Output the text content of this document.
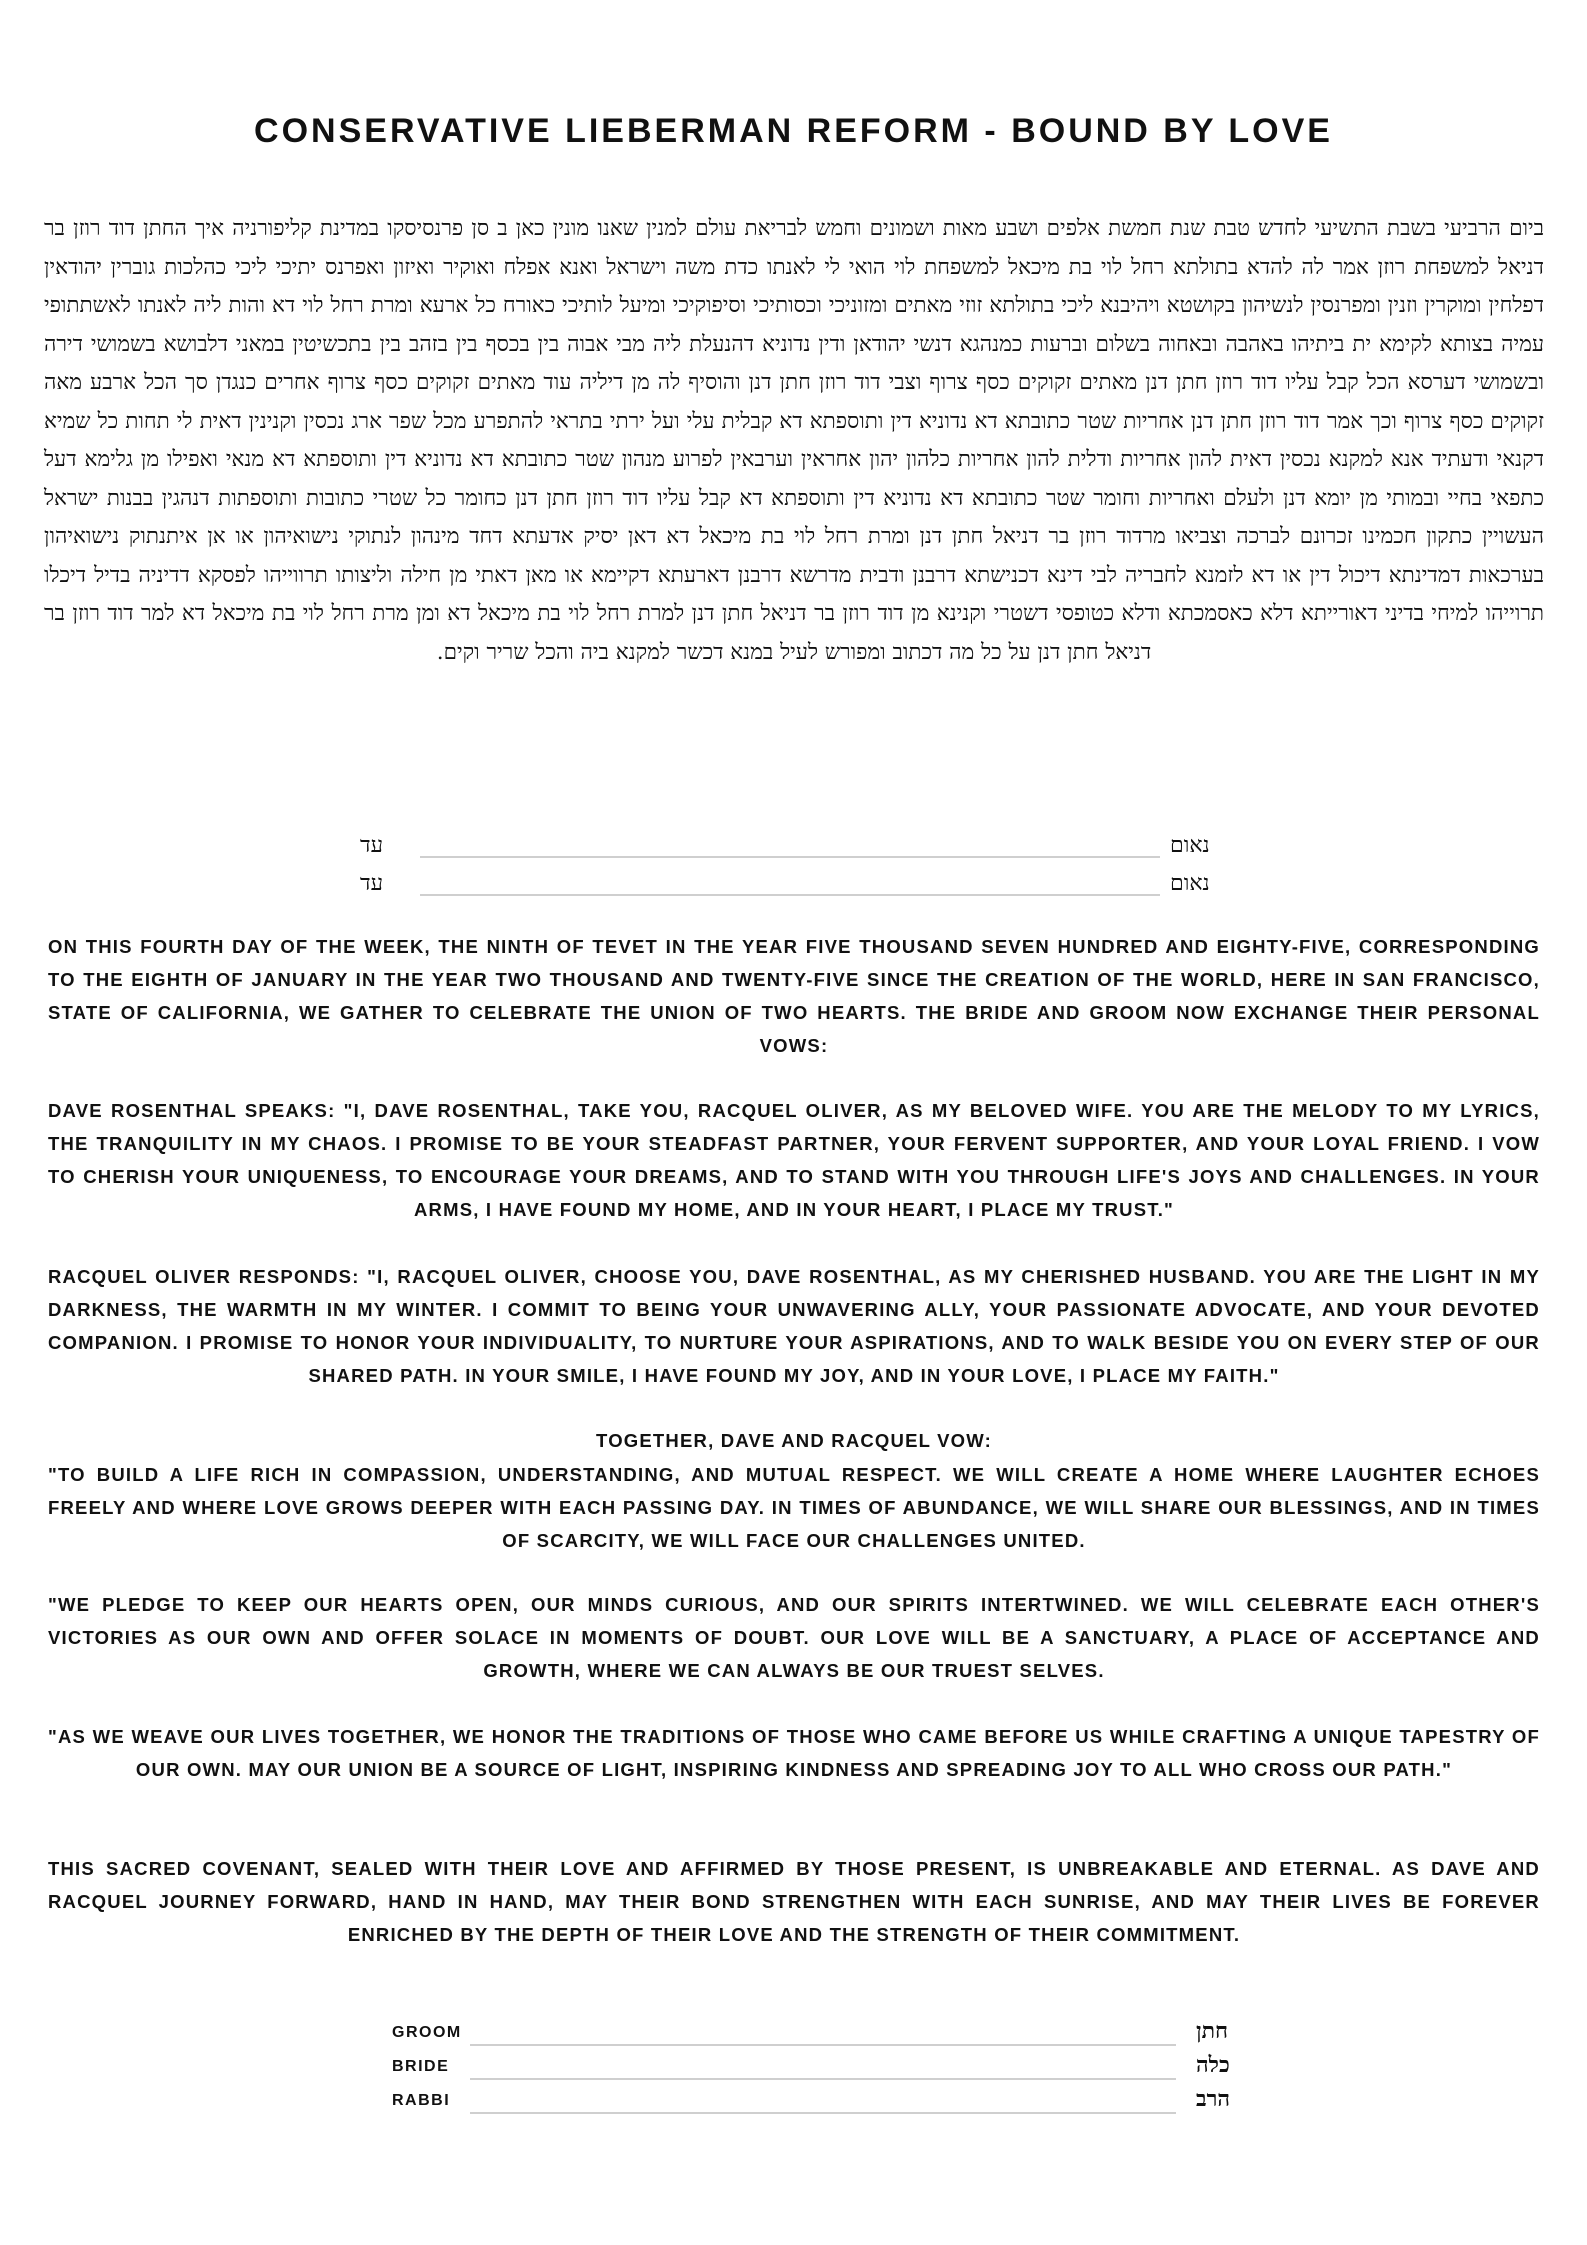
CONSERVATIVE LIEBERMAN REFORM - BOUND BY LOVE
ביום הרביעי בשבת התשיעי לחדש טבת שנת חמשת אלפים ושבע מאות ושמונים וחמש לבריאת עולם למנין שאנו מונין כאן ב סן פרנסיסקו במדינת קליפורניה איך החתן דוד רוזן בר דניאל למשפחת רוזן אמר לה להדא בתולתא רחל לוי בת מיכאל למשפחת לוי הואי לי לאנתו כדת משה וישראל ואנא אפלח ואוקיר ואיזון ואפרנס יתיכי ליכי כהלכות גוברין יהודאין דפלחין ומוקרין וזנין ומפרנסין לנשיהון בקושטא ויהיבנא ליכי בתולתא זוזי מאתים ומזוניכי וכסותיכי וסיפוקיכי ומיעל לותיכי כאורח כל ארעא ומרת רחל לוי דא והות ליה לאנתו לאשתתופי עמיה בצותא לקימא ית ביתיהו באהבה ובאחוה בשלום וברעות כמנהגא דנשי יהודאן ודין נדוניא דהנעלת ליה מבי אבוה בין בכסף בין בזהב בין בתכשיטין במאני דלבושא בשמושי דירה ובשמושי דערסא הכל קבל עליו דוד רוזן חתן דנן מאתים זקוקים כסף צרוף וצבי דוד רוזן חתן דנן והוסיף לה מן דיליה עוד מאתים זקוקים כסף צרוף אחרים כנגדן סך הכל ארבע מאה זקוקים כסף צרוף וכך אמר דוד רוזן חתן דנן אחריות שטר כתובתא דא נדוניא דין ותוספתא דא קבלית עלי ועל ירתי בתראי להתפרע מכל שפר ארג נכסין וקנינין דאית לי תחות כל שמיא דקנאי ודעתיד אנא למקנא נכסין דאית להון אחריות ודלית להון אחריות כלהון יהון אחראין וערבאין לפרוע מנהון שטר כתובתא דא נדוניא דין ותוספתא דא מנאי ואפילו מן גלימא דעל כתפאי בחיי ובמותי מן יומא דנן ולעלם ואחריות וחומר שטר כתובתא דא נדוניא דין ותוספתא דא קבל עליו דוד רוזן חתן דנן כחומר כל שטרי כתובות ותוספתות דנהגין בבנות ישראל העשויין כתקון חכמינו זכרונם לברכה וצביאו מרדוד רוזן בר דניאל חתן דנן ומרת רחל לוי בת מיכאל דא דאן יסיק אדעתא דחד מינהון לנתוקי נישואיהון או אן איתנתוק נישואיהון בערכאות דמדינתא דיכול דין או דא לזמנא לחבריה לבי דינא דכנישתא דרבנן ודבית מדרשא דרבנן דארעתא דקיימא או מאן דאתי מן חילה וליצותו תרווייהו לפסקא דדיניה בדיל דיכלו תרוייהו למיחי בדיני דאורייתא דלא כאסמכתא ודלא כטופסי דשטרי וקנינא מן דוד רוזן בר דניאל חתן דנן למרת רחל לוי בת מיכאל דא ומן מרת רחל לוי בת מיכאל דא למר דוד רוזן בר דניאל חתן דנן על כל מה דכתוב ומפורש לעיל במנא דכשר למקנא ביה והכל שריר וקים.
עד	נאום
עד	נאום
ON THIS FOURTH DAY OF THE WEEK, THE NINTH OF TEVET IN THE YEAR FIVE THOUSAND SEVEN HUNDRED AND EIGHTY-FIVE, CORRESPONDING TO THE EIGHTH OF JANUARY IN THE YEAR TWO THOUSAND AND TWENTY-FIVE SINCE THE CREATION OF THE WORLD, HERE IN SAN FRANCISCO, STATE OF CALIFORNIA, WE GATHER TO CELEBRATE THE UNION OF TWO HEARTS. THE BRIDE AND GROOM NOW EXCHANGE THEIR PERSONAL VOWS:
DAVE ROSENTHAL SPEAKS: "I, DAVE ROSENTHAL, TAKE YOU, RACQUEL OLIVER, AS MY BELOVED WIFE. YOU ARE THE MELODY TO MY LYRICS, THE TRANQUILITY IN MY CHAOS. I PROMISE TO BE YOUR STEADFAST PARTNER, YOUR FERVENT SUPPORTER, AND YOUR LOYAL FRIEND. I VOW TO CHERISH YOUR UNIQUENESS, TO ENCOURAGE YOUR DREAMS, AND TO STAND WITH YOU THROUGH LIFE'S JOYS AND CHALLENGES. IN YOUR ARMS, I HAVE FOUND MY HOME, AND IN YOUR HEART, I PLACE MY TRUST."
RACQUEL OLIVER RESPONDS: "I, RACQUEL OLIVER, CHOOSE YOU, DAVE ROSENTHAL, AS MY CHERISHED HUSBAND. YOU ARE THE LIGHT IN MY DARKNESS, THE WARMTH IN MY WINTER. I COMMIT TO BEING YOUR UNWAVERING ALLY, YOUR PASSIONATE ADVOCATE, AND YOUR DEVOTED COMPANION. I PROMISE TO HONOR YOUR INDIVIDUALITY, TO NURTURE YOUR ASPIRATIONS, AND TO WALK BESIDE YOU ON EVERY STEP OF OUR SHARED PATH. IN YOUR SMILE, I HAVE FOUND MY JOY, AND IN YOUR LOVE, I PLACE MY FAITH."
TOGETHER, DAVE AND RACQUEL VOW:
"TO BUILD A LIFE RICH IN COMPASSION, UNDERSTANDING, AND MUTUAL RESPECT. WE WILL CREATE A HOME WHERE LAUGHTER ECHOES FREELY AND WHERE LOVE GROWS DEEPER WITH EACH PASSING DAY. IN TIMES OF ABUNDANCE, WE WILL SHARE OUR BLESSINGS, AND IN TIMES OF SCARCITY, WE WILL FACE OUR CHALLENGES UNITED.
"WE PLEDGE TO KEEP OUR HEARTS OPEN, OUR MINDS CURIOUS, AND OUR SPIRITS INTERTWINED. WE WILL CELEBRATE EACH OTHER'S VICTORIES AS OUR OWN AND OFFER SOLACE IN MOMENTS OF DOUBT. OUR LOVE WILL BE A SANCTUARY, A PLACE OF ACCEPTANCE AND GROWTH, WHERE WE CAN ALWAYS BE OUR TRUEST SELVES.
"AS WE WEAVE OUR LIVES TOGETHER, WE HONOR THE TRADITIONS OF THOSE WHO CAME BEFORE US WHILE CRAFTING A UNIQUE TAPESTRY OF OUR OWN. MAY OUR UNION BE A SOURCE OF LIGHT, INSPIRING KINDNESS AND SPREADING JOY TO ALL WHO CROSS OUR PATH."
THIS SACRED COVENANT, SEALED WITH THEIR LOVE AND AFFIRMED BY THOSE PRESENT, IS UNBREAKABLE AND ETERNAL. AS DAVE AND RACQUEL JOURNEY FORWARD, HAND IN HAND, MAY THEIR BOND STRENGTHEN WITH EACH SUNRISE, AND MAY THEIR LIVES BE FOREVER ENRICHED BY THE DEPTH OF THEIR LOVE AND THE STRENGTH OF THEIR COMMITMENT.
GROOM	חתן
BRIDE	כלה
RABBI	הרב
